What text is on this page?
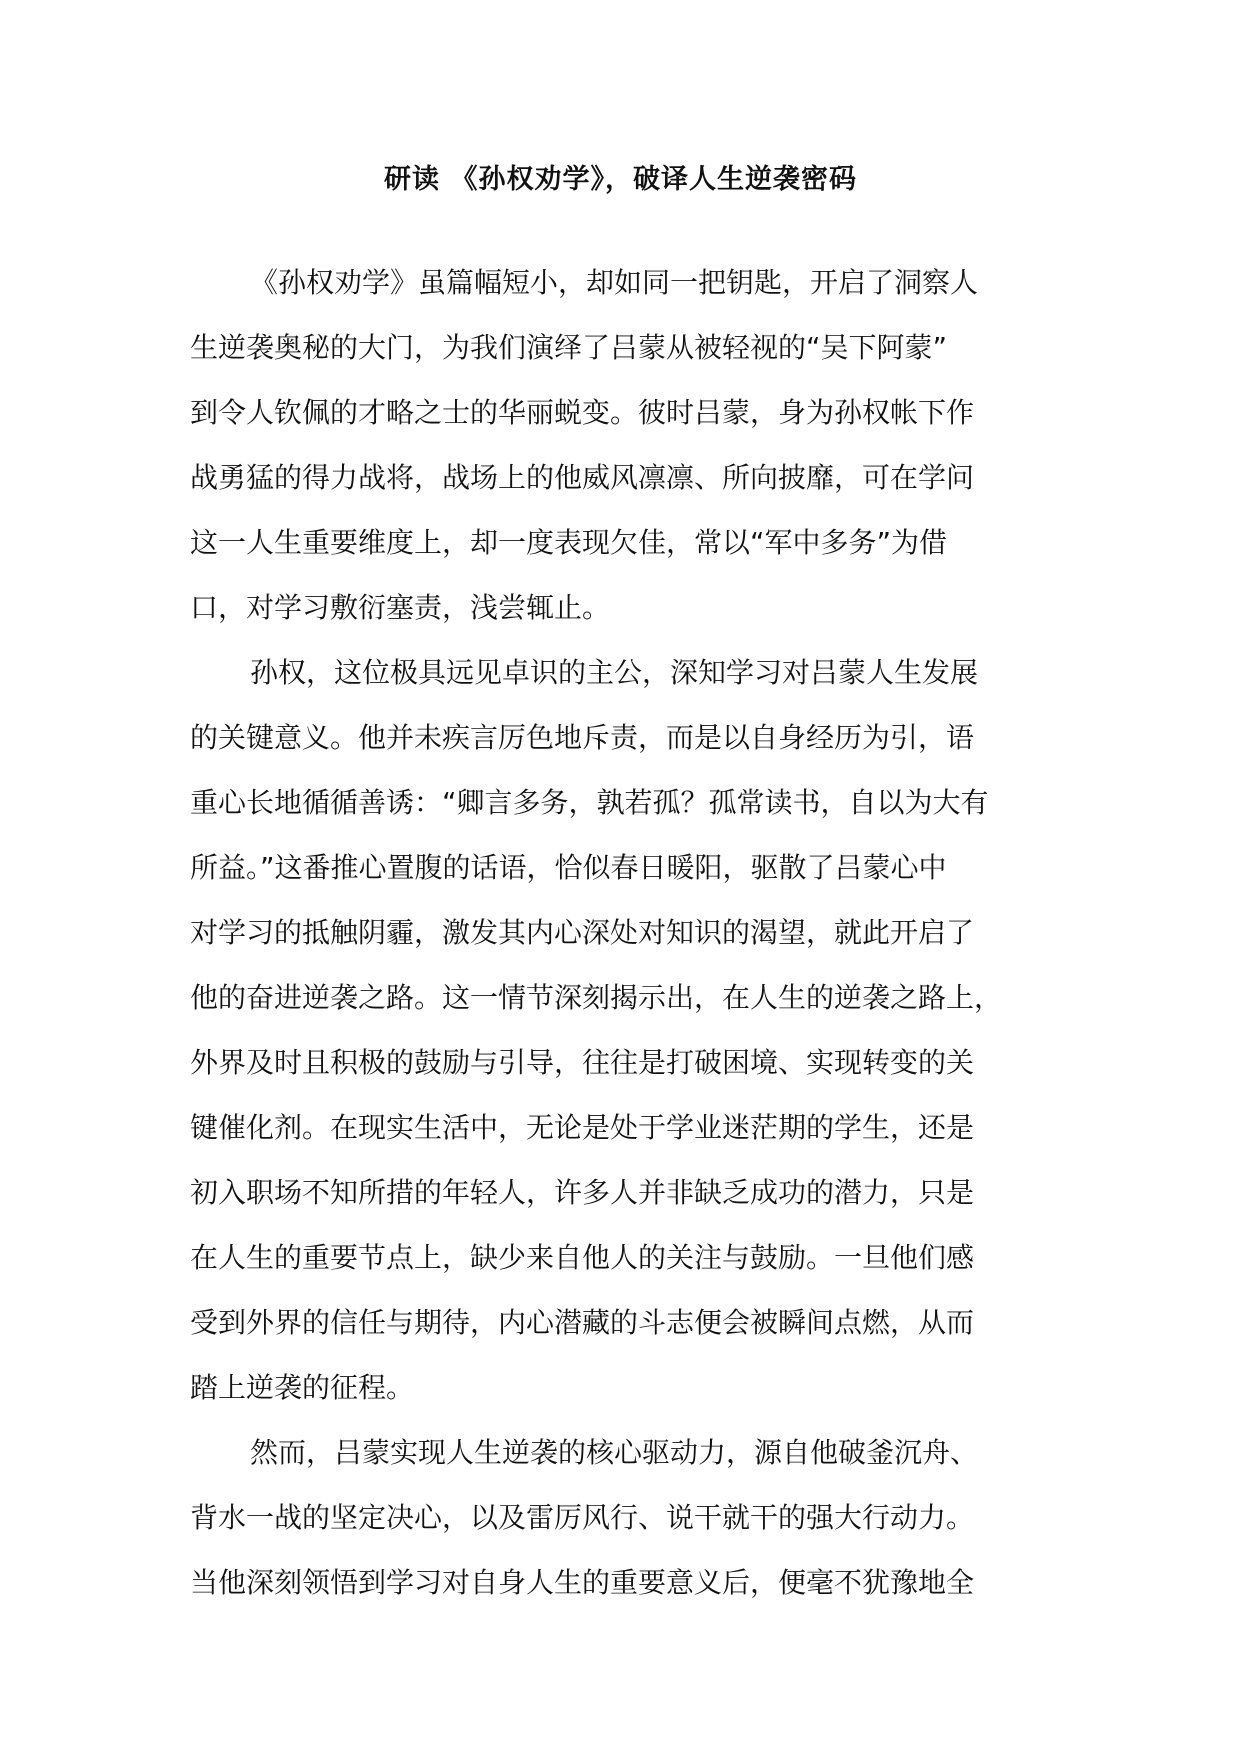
研读 《孙权劝学》，破译人生逆袭密码
《孙权劝学》虽篇幅短小，却如同一把钥匙，开启了洞察人
生逆袭奥秘的大门，为我们演绎了吕蒙从被轻视的“吴下阿蒙”
到令人钦佩的才略之士的华丽蜕变。彼时吕蒙，身为孙权帐下作
战勇猛的得力战将，战场上的他威风凛凛、所向披靡，可在学问
这一人生重要维度上，却一度表现欠佳，常以“军中多务”为借
口，对学习敷衍塞责，浅尝辄止。
孙权，这位极具远见卓识的主公，深知学习对吕蒙人生发展
的关键意义。他并未疾言厉色地斥责，而是以自身经历为引，语
重心长地循循善诱：“卿言多务，孰若孤？孤常读书，自以为大有
所益。”这番推心置腹的话语，恰似春日暖阳，驱散了吕蒙心中
对学习的抵触阴霾，激发其内心深处对知识的渴望，就此开启了
他的奋进逆袭之路。这一情节深刻揭示出，在人生的逆袭之路上，
外界及时且积极的鼓励与引导，往往是打破困境、实现转变的关
键催化剂。在现实生活中，无论是处于学业迷茫期的学生，还是
初入职场不知所措的年轻人，许多人并非缺乏成功的潜力，只是
在人生的重要节点上，缺少来自他人的关注与鼓励。一旦他们感
受到外界的信任与期待，内心潜藏的斗志便会被瞬间点燃，从而
踏上逆袭的征程。
然而，吕蒙实现人生逆袭的核心驱动力，源自他破釜沉舟、
背水一战的坚定决心，以及雷厉风行、说干就干的强大行动力。
当他深刻领悟到学习对自身人生的重要意义后，便毫不犹豫地全
